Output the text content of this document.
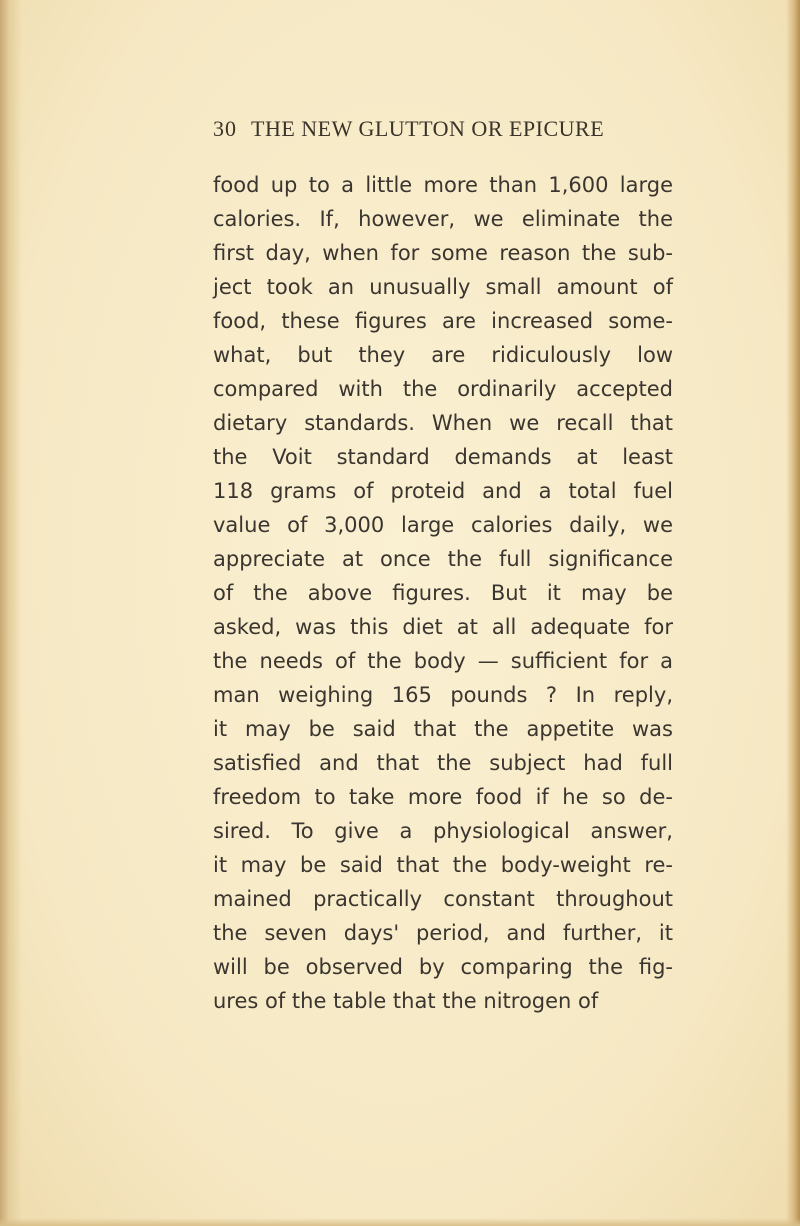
30 THE NEW GLUTTON OR EPICURE
food up to a little more than 1,600 large
calories. If, however, we eliminate the
first day, when for some reason the sub-
ject took an unusually small amount of
food, these figures are increased some-
what, but they are ridiculously low
compared with the ordinarily accepted
dietary standards. When we recall that
the Voit standard demands at least
118 grams of proteid and a total fuel
value of 3,000 large calories daily, we
appreciate at once the full significance
of the above figures. But it may be
asked, was this diet at all adequate for
the needs of the body — sufficient for a
man weighing 165 pounds ? In reply,
it may be said that the appetite was
satisfied and that the subject had full
freedom to take more food if he so de-
sired. To give a physiological answer,
it may be said that the body-weight re-
mained practically constant throughout
the seven days' period, and further, it
will be observed by comparing the fig-
ures of the table that the nitrogen of
